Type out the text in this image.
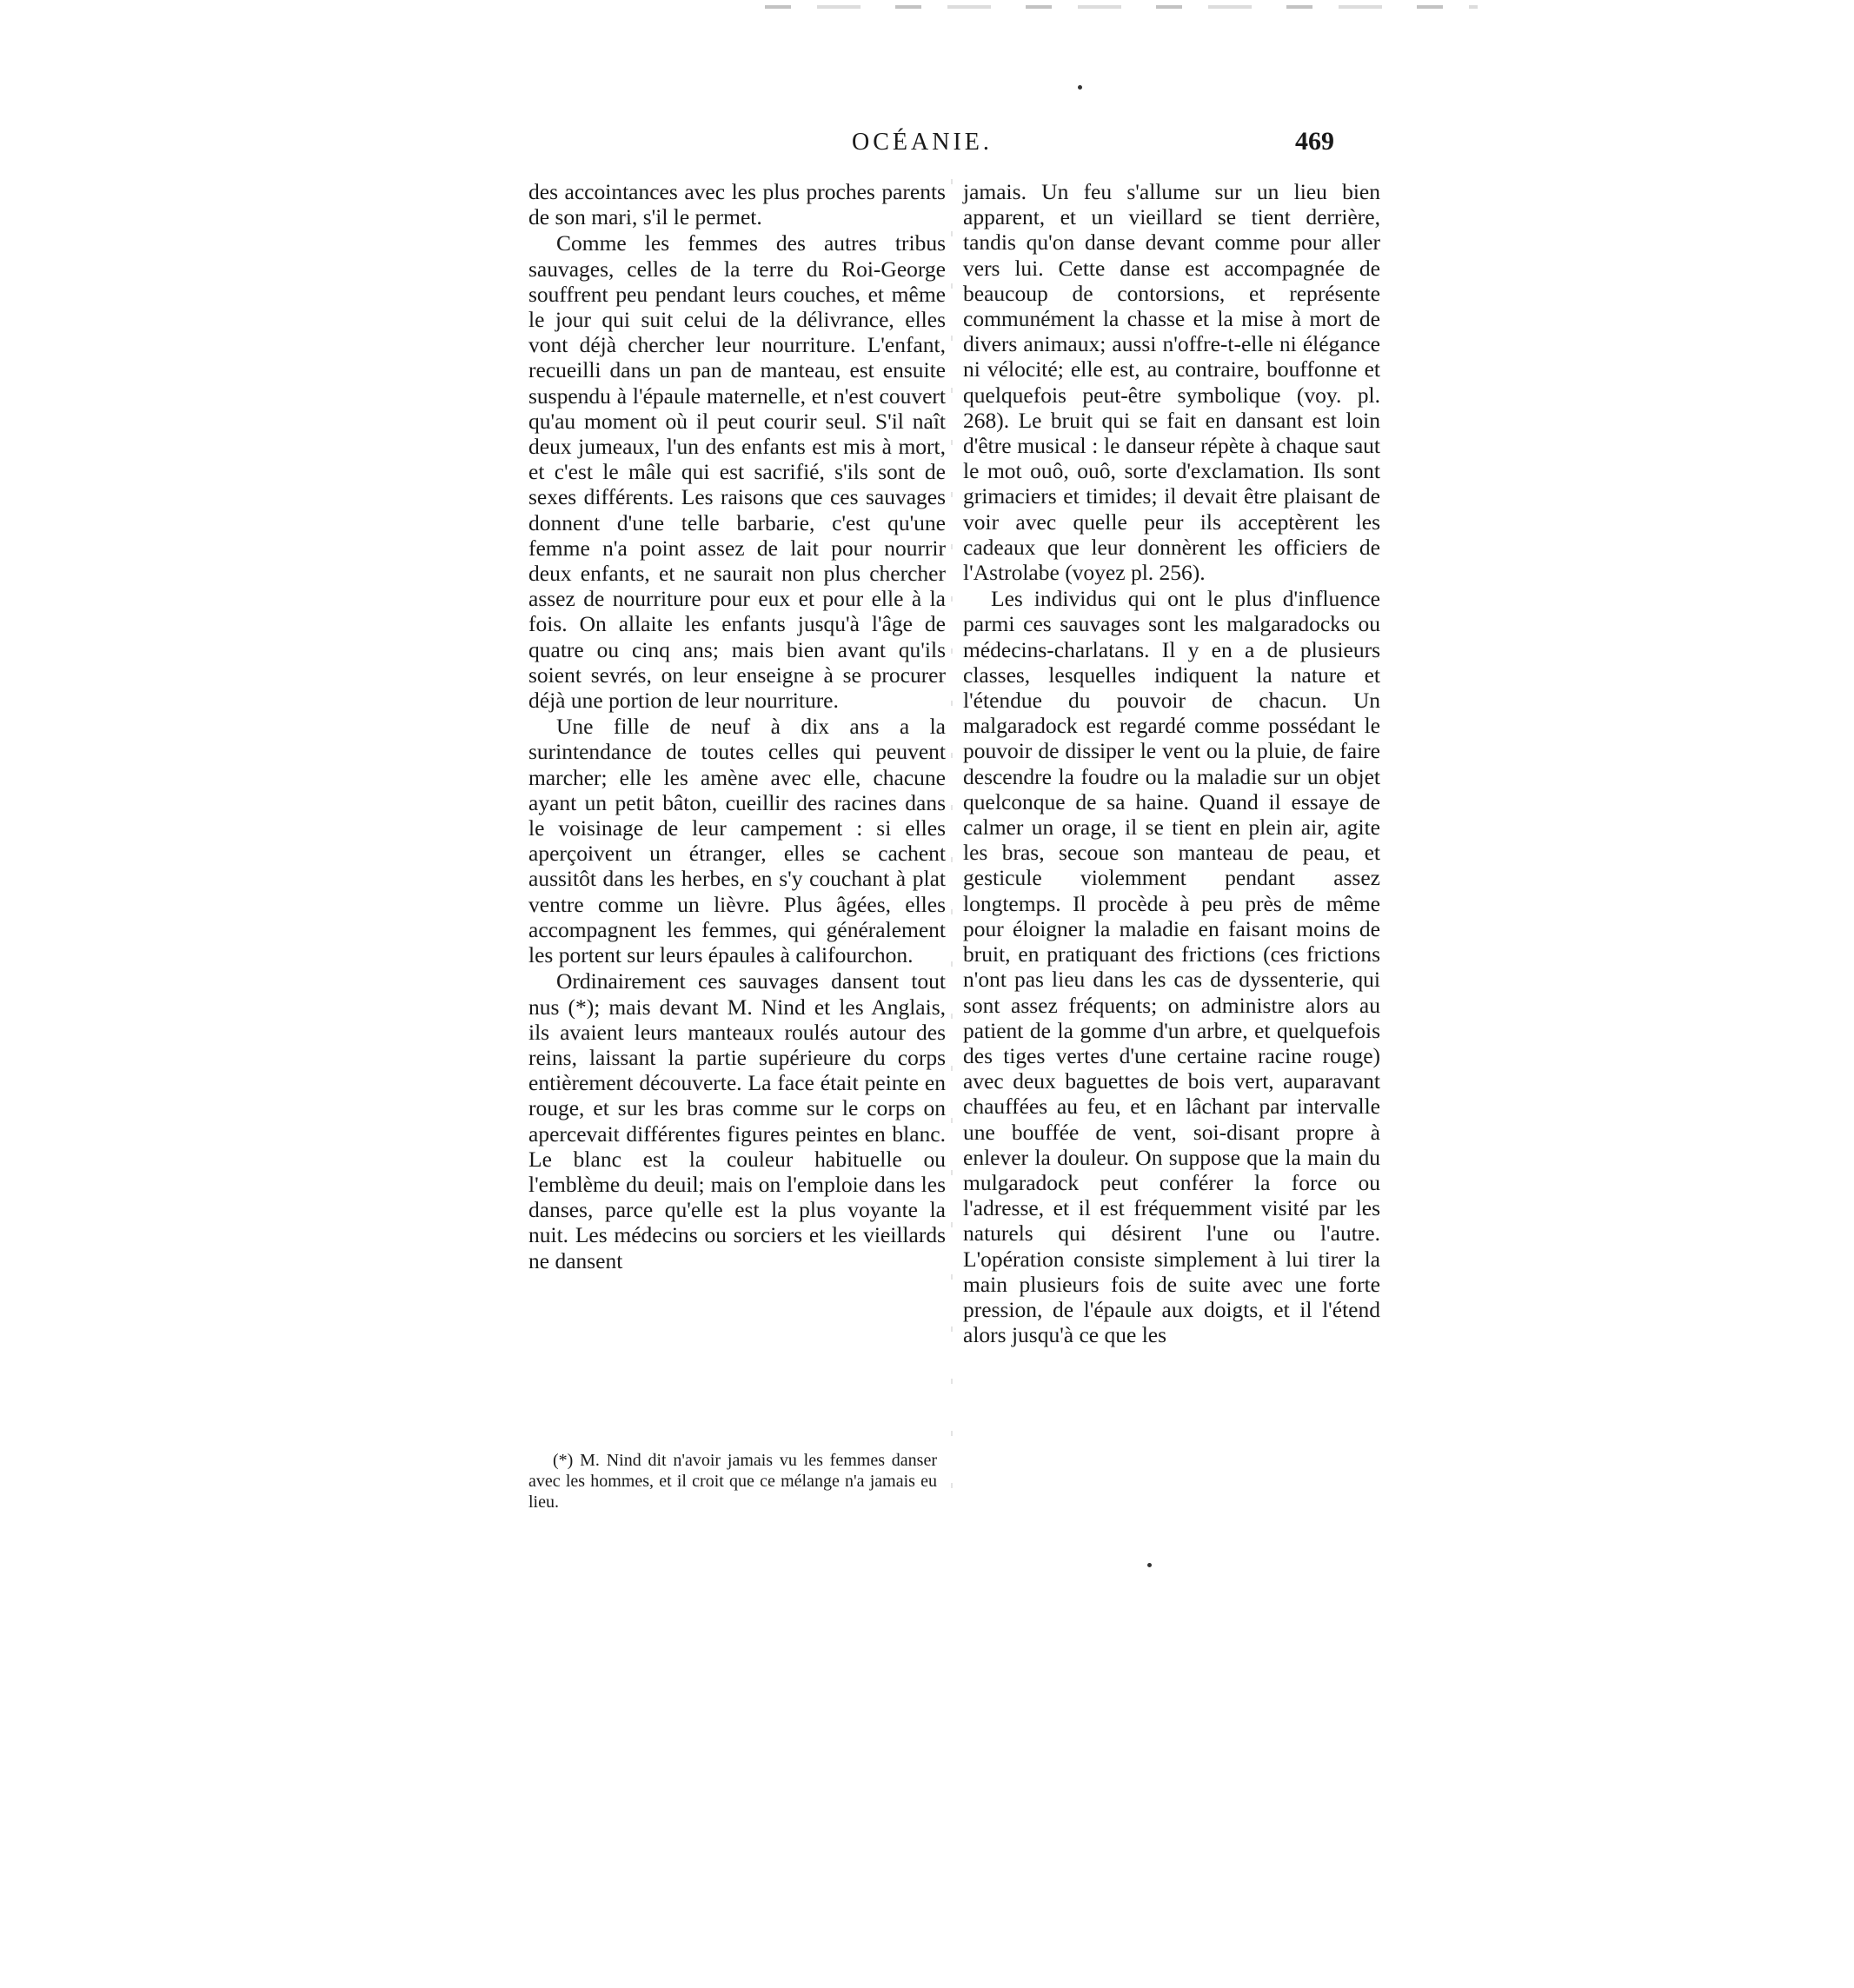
OCÉANIE.	469

des accointances avec les plus proches parents de son mari, s'il le permet.

Comme les femmes des autres tribus sauvages, celles de la terre du Roi-George souffrent peu pendant leurs couches, et même le jour qui suit celui de la délivrance, elles vont déjà chercher leur nourriture. L'enfant, recueilli dans un pan de manteau, est ensuite suspendu à l'épaule maternelle, et n'est couvert qu'au moment où il peut courir seul. S'il naît deux jumeaux, l'un des enfants est mis à mort, et c'est le mâle qui est sacrifié, s'ils sont de sexes différents. Les raisons que ces sauvages donnent d'une telle barbarie, c'est qu'une femme n'a point assez de lait pour nourrir deux enfants, et ne saurait non plus chercher assez de nourriture pour eux et pour elle à la fois. On allaite les enfants jusqu'à l'âge de quatre ou cinq ans; mais bien avant qu'ils soient sevrés, on leur enseigne à se procurer déjà une portion de leur nourriture.

Une fille de neuf à dix ans a la surintendance de toutes celles qui peuvent marcher; elle les amène avec elle, chacune ayant un petit bâton, cueillir des racines dans le voisinage de leur campement : si elles aperçoivent un étranger, elles se cachent aussitôt dans les herbes, en s'y couchant à plat ventre comme un lièvre. Plus âgées, elles accompagnent les femmes, qui généralement les portent sur leurs épaules à califourchon.

Ordinairement ces sauvages dansent tout nus (*); mais devant M. Nind et les Anglais, ils avaient leurs manteaux roulés autour des reins, laissant la partie supérieure du corps entièrement découverte. La face était peinte en rouge, et sur les bras comme sur le corps on apercevait différentes figures peintes en blanc. Le blanc est la couleur habituelle ou l'emblème du deuil; mais on l'emploie dans les danses, parce qu'elle est la plus voyante la nuit. Les médecins ou sorciers et les vieillards ne dansent

(*) M. Nind dit n'avoir jamais vu les femmes danser avec les hommes, et il croit que ce mélange n'a jamais eu lieu.

jamais. Un feu s'allume sur un lieu bien apparent, et un vieillard se tient derrière, tandis qu'on danse devant comme pour aller vers lui. Cette danse est accompagnée de beaucoup de contorsions, et représente communément la chasse et la mise à mort de divers animaux; aussi n'offre-t-elle ni élégance ni vélocité; elle est, au contraire, bouffonne et quelquefois peut-être symbolique (voy. pl. 268). Le bruit qui se fait en dansant est loin d'être musical : le danseur répète à chaque saut le mot ouô, ouô, sorte d'exclamation. Ils sont grimaciers et timides; il devait être plaisant de voir avec quelle peur ils acceptèrent les cadeaux que leur donnèrent les officiers de l'Astrolabe (voyez pl. 256).

Les individus qui ont le plus d'influence parmi ces sauvages sont les malgaradocks ou médecins-charlatans. Il y en a de plusieurs classes, lesquelles indiquent la nature et l'étendue du pouvoir de chacun. Un malgaradock est regardé comme possédant le pouvoir de dissiper le vent ou la pluie, de faire descendre la foudre ou la maladie sur un objet quelconque de sa haine. Quand il essaye de calmer un orage, il se tient en plein air, agite les bras, secoue son manteau de peau, et gesticule violemment pendant assez longtemps. Il procède à peu près de même pour éloigner la maladie en faisant moins de bruit, en pratiquant des frictions (ces frictions n'ont pas lieu dans les cas de dyssenterie, qui sont assez fréquents; on administre alors au patient de la gomme d'un arbre, et quelquefois des tiges vertes d'une certaine racine rouge) avec deux baguettes de bois vert, auparavant chauffées au feu, et en lâchant par intervalle une bouffée de vent, soi-disant propre à enlever la douleur. On suppose que la main du mulgaradock peut conférer la force ou l'adresse, et il est fréquemment visité par les naturels qui désirent l'une ou l'autre. L'opération consiste simplement à lui tirer la main plusieurs fois de suite avec une forte pression, de l'épaule aux doigts, et il l'étend alors jusqu'à ce que les
